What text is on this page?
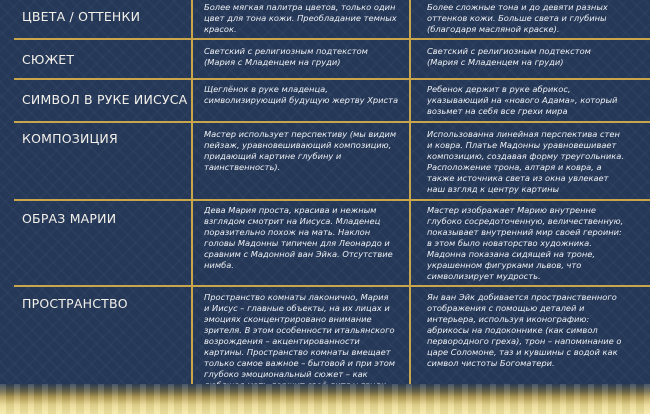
ЦВЕТА / ОТТЕНКИ
Более мягкая палитра цветов, только один
цвет для тона кожи. Преобладание темных
красок.
Более сложные тона и до девяти разных
оттенков кожи. Больше света и глубины
(благодаря масляной краске).
СЮЖЕТ
Светский с религиозным подтекстом
(Мария с Младенцем на груди)
Светский с религиозным подтекстом
(Мария с Младенцем на груди)
СИМВОЛ В РУКЕ ИИСУСА
Щеглёнок в руке младенца,
символизирующий будущую жертву Христа
Ребенок держит в руке абрикос,
указывающий на «нового Адама», который
возьмет на себя все грехи мира
КОМПОЗИЦИЯ	Мастер использует перспективу (мы видим
пейзаж, уравновешивающий композицию,
придающий картине глубину и
таинственность).
Использованна линейная перспектива стен
и ковра. Платье Мадонны уравновешивает
композицию, создавая форму треугольника.
Расположение трона, алтаря и ковра, а
также источника света из окна увлекает
наш взгляд к центру картины
ОБРАЗ МАРИИ
Дева Мария проста, красива и нежным
взглядом смотрит на Иисуса. Младенец
поразительно похож на мать. Наклон
головы Мадонны типичен для Леонардо и
сравним с Мадонной ван Эйка. Отсутствие
нимба.
Мастер изображает Марию внутренне
глубоко сосредоточенную, величественную,
показывает внутренний мир своей героини:
в этом было новаторство художника.
Мадонна показана сидящей на троне,
украшенном фигурками львов, что
символизирует мудрость.
ПРОСТРАНСТВО	Пространство комнаты лаконично, Мария
и Иисус – главные объекты, на их лицах и
эмоциях сконцентрировано внимание
зрителя. В этом особенности итальянского
возрождения – акцентированности
картины. Пространство комнаты вмещает
только самое важное – бытовой и при этом
глубоко эмоциональный сюжет – как

Ян ван Эйк добивается пространственного
отображения с помощью деталей и
интерьера, используя иконографию:
абрикосы на подоконнике (как символ
первородного греха), трон – напоминание о
царе Соломоне, таз и кувшины с водой как
символ чистоты Богоматери.
